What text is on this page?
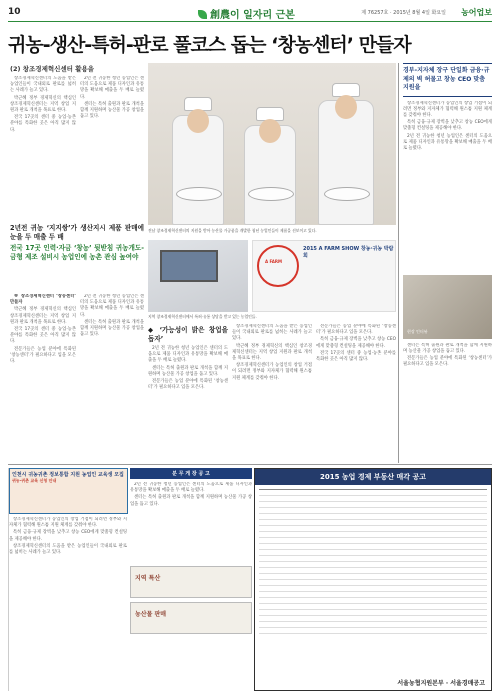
10	創農이 일자리 근본	제 76257호 · 2015년 8월 4일 화요일 농어업보
귀농-생산-특허-판로 풀코스 돕는 ‘창농센터’ 만들자
(2) 창조경제혁신센터 활용을

창조경제혁신센터의 도움을 받은 농업인들이 국내외로 판로를 넓히는 사례가 늘고 있다.

박근혜 정부 경제혁신의 핵심인 창조경제혁신센터는 지역 창업 지원과 판로 개척을 목표로 한다.

전국 17곳의 센터 중 농업·농촌 분야를 특화한 곳은 아직 많지 않다.

2년 전 귀농한 청년 농업인은 센터의 도움으로 제품 디자인과 유통망을 확보해 매출을 두 배로 늘렸다.

센터는 특허 출원과 판로 개척을 함께 지원하며 농산물 가공 창업을 돕고 있다.

2년전 귀농 ‘지지쌍’가 생산지시 제품 판매에 눈을 두 매출 두 배
전국 17곳 인력·자금 ‘창농’ 뒷받침 귀농개도-금형 제조 설비시 농업인에 농촌 관심 높여야

※ 창조경제혁신센터 ‘창농센터’ 만들자

박근혜 정부 경제혁신의 핵심인 창조경제혁신센터는 지역 창업 지원과 판로 개척을 목표로 한다.

전국 17곳의 센터 중 농업·농촌 분야를 특화한 곳은 아직 많지 않다.

전문가들은 농업 분야에 특화된 ‘창농센터’가 필요하다고 입을 모은다.

2년 전 귀농한 청년 농업인은 센터의 도움으로 제품 디자인과 유통망을 확보해 매출을 두 배로 늘렸다.

센터는 특허 출원과 판로 개척을 함께 지원하며 농산물 가공 창업을 돕고 있다.

전남 창조경제혁신센터의 지원을 받아 농산물 가공품을 개발한 청년 농업인들이 제품을 선보이고 있다.
A FARM
2015 A FARM SHOW 창농·귀농 박람회
지역 창조경제혁신센터에서 특허·유통 상담을 받고 있는 농업인들.
◆ ‘가능성이 밝은 창업을 돕자’

2년 전 귀농한 청년 농업인은 센터의 도움으로 제품 디자인과 유통망을 확보해 매출을 두 배로 늘렸다.

센터는 특허 출원과 판로 개척을 함께 지원하며 농산물 가공 창업을 돕고 있다.

전문가들은 농업 분야에 특화된 ‘창농센터’가 필요하다고 입을 모은다.

창조경제혁신센터의 도움을 받은 농업인들이 국내외로 판로를 넓히는 사례가 늘고 있다.

박근혜 정부 경제혁신의 핵심인 창조경제혁신센터는 지역 창업 지원과 판로 개척을 목표로 한다.

창조경제혁신센터가 농업인의 창업 거점이 되려면 정부와 지자체가 협력해 원스톱 지원 체계를 갖춰야 한다.

전문가들은 농업 분야에 특화된 ‘창농센터’가 필요하다고 입을 모은다.

특히 금융·규제 장벽을 낮추고 창농 CEO에게 맞춤형 컨설팅을 제공해야 한다.

전국 17곳의 센터 중 농업·농촌 분야를 특화한 곳은 아직 많지 않다.

경부-지자체 장구 단일화 금융·규제의 벽 허물고 창농 CEO 맞춤 지원을

창조경제혁신센터가 농업인의 창업 거점이 되려면 정부와 지자체가 협력해 원스톱 지원 체계를 갖춰야 한다.

특히 금융·규제 장벽을 낮추고 창농 CEO에게 맞춤형 컨설팅을 제공해야 한다.

2년 전 귀농한 청년 농업인은 센터의 도움으로 제품 디자인과 유통망을 확보해 매출을 두 배로 늘렸다.

현장 인터뷰

센터는 특허 출원과 판로 개척을 함께 지원하며 농산물 가공 창업을 돕고 있다.

전문가들은 농업 분야에 특화된 ‘창농센터’가 필요하다고 입을 모은다.

인천시 귀농귀촌 정보통합 지원 농업인 교육생 모집
귀농·귀촌 교육 신청 안내

창조경제혁신센터가 농업인의 창업 거점이 되려면 정부와 지자체가 협력해 원스톱 지원 체계를 갖춰야 한다.

특히 금융·규제 장벽을 낮추고 창농 CEO에게 맞춤형 컨설팅을 제공해야 한다.

창조경제혁신센터의 도움을 받은 농업인들이 국내외로 판로를 넓히는 사례가 늘고 있다.

분 무 게 장 공 고

2년 전 귀농한 청년 농업인은 센터의 도움으로 제품 디자인과 유통망을 확보해 매출을 두 배로 늘렸다.

센터는 특허 출원과 판로 개척을 함께 지원하며 농산물 가공 창업을 돕고 있다.

지역 특산
농산물 판매
2015 농업 경제 부동산 매각 공고
서울농협지원본부 · 서울경매공고
